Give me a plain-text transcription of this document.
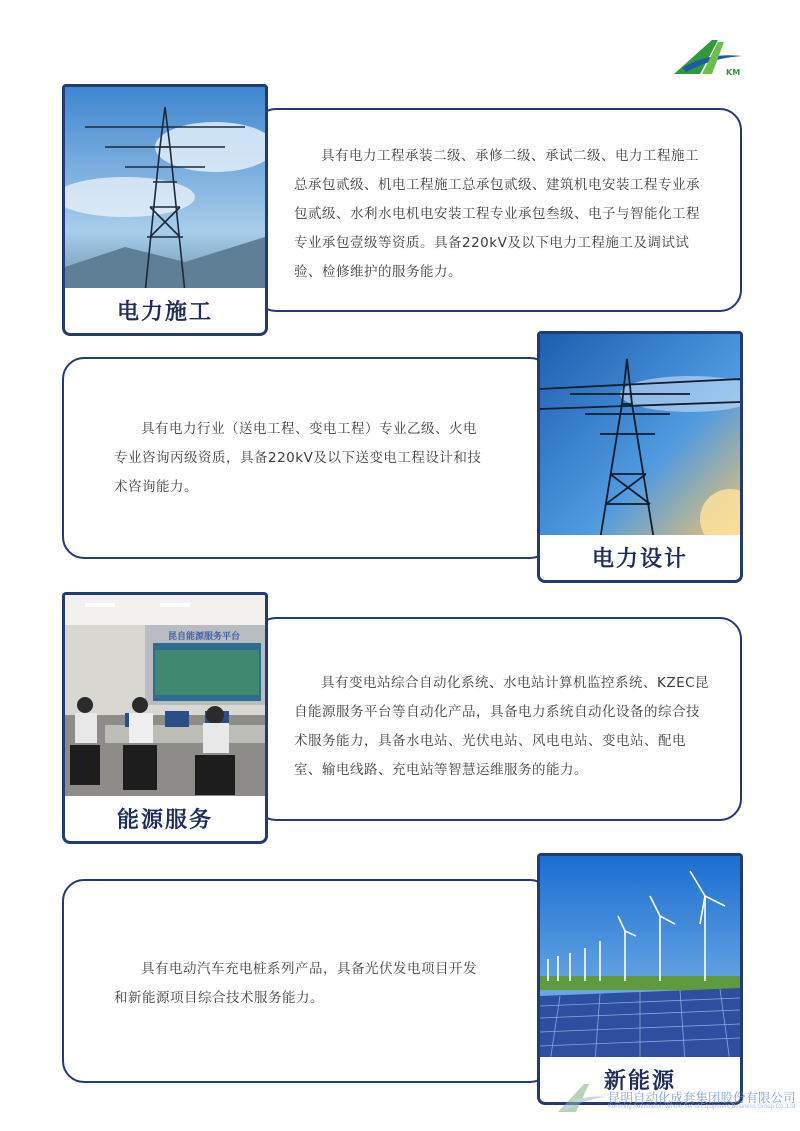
KM

具有电力工程承装二级、承修二级、承试二级、电力工程施工总承包贰级、机电工程施工总承包贰级、建筑机电安装工程专业承包贰级、水利水电机电安装工程专业承包叁级、电子与智能化工程专业承包壹级等资质。具备220kV及以下电力工程施工及调试试验、检修维护的服务能力。

电力施工

具有电力行业（送电工程、变电工程）专业乙级、火电专业咨询丙级资质，具备220kV及以下送变电工程设计和技术咨询能力。

电力设计

具有变电站综合自动化系统、水电站计算机监控系统、KZEC昆自能源服务平台等自动化产品，具备电力系统自动化设备的综合技术服务能力，具备水电站、光伏电站、风电电站、变电站、配电室、输电线路、充电站等智慧运维服务的能力。

昆自能源服务平台
能源服务

具有电动汽车充电桩系列产品，具备光伏发电项目开发和新能源项目综合技术服务能力。

新能源
昆明自动化成套集团股份有限公司
Kunming Automation Whole Set of Equipment Business Group Co.,Ltd
